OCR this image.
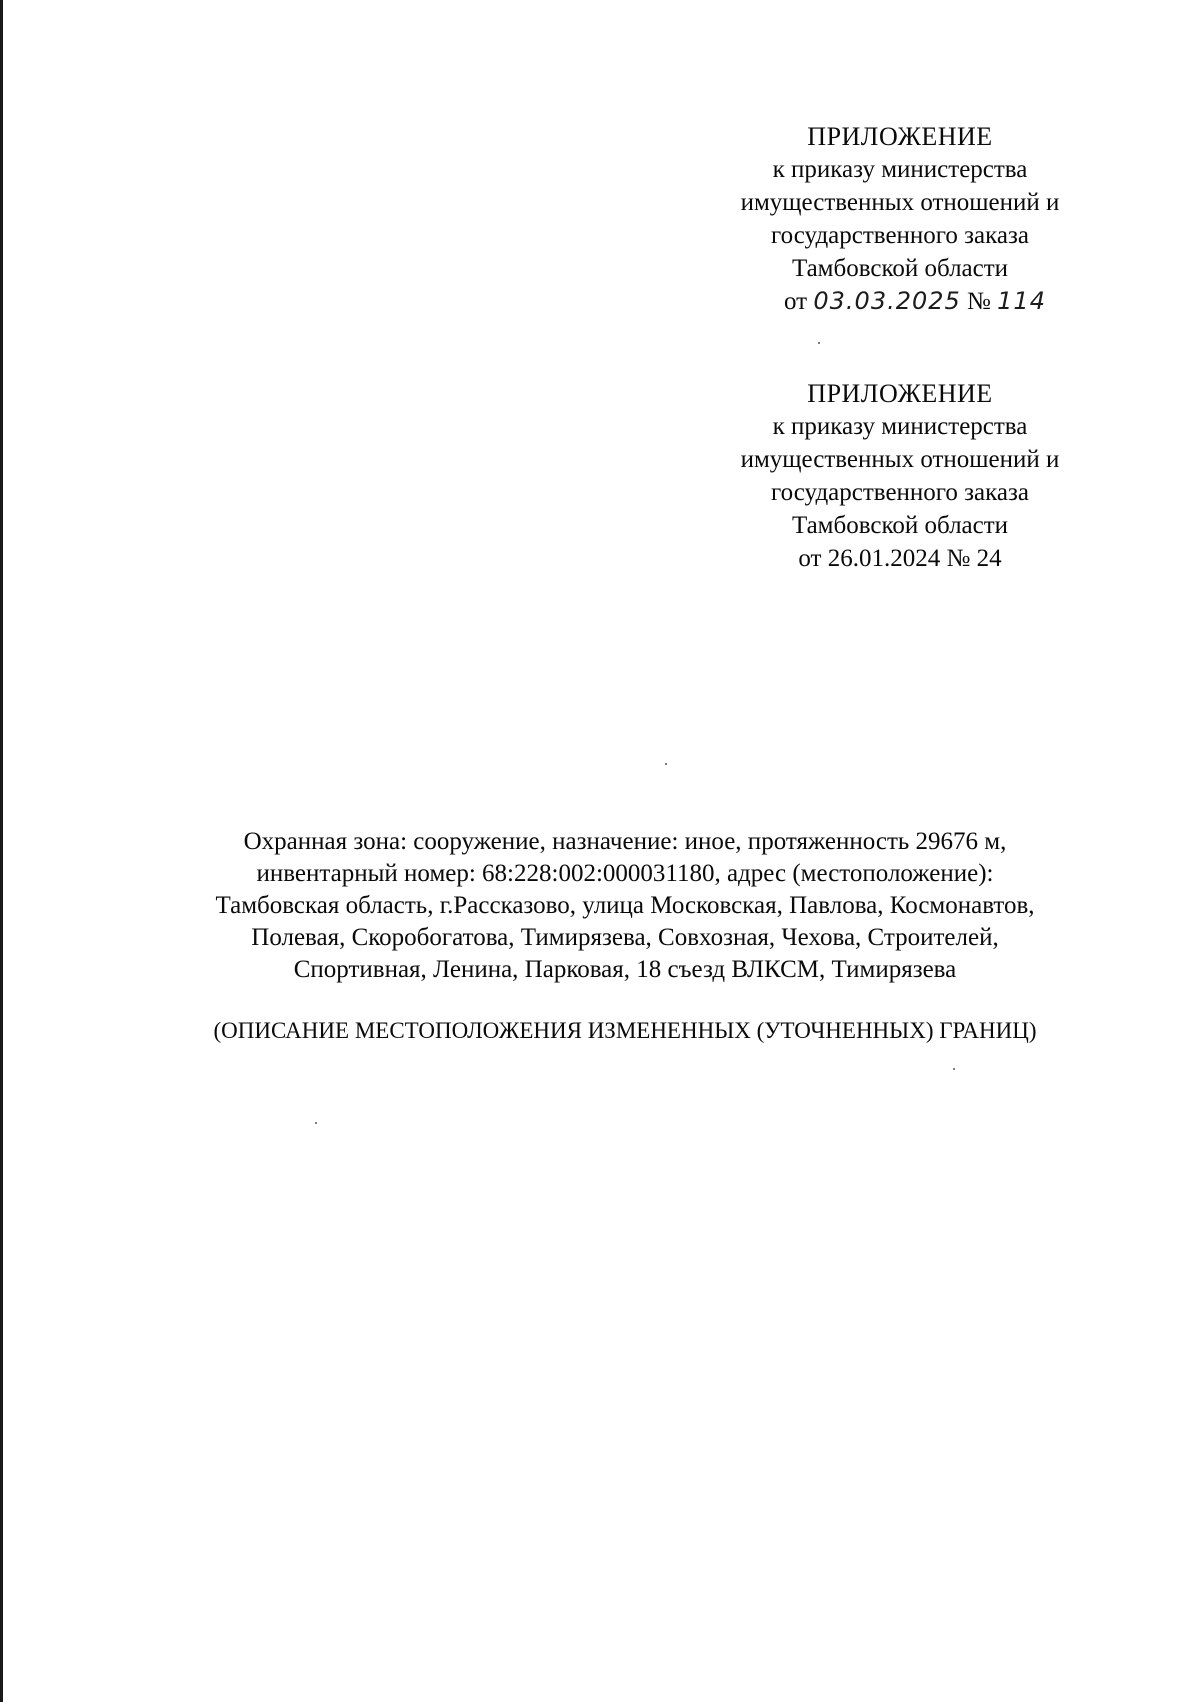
ПРИЛОЖЕНИЕ
к приказу министерства
имущественных отношений и
государственного заказа
Тамбовской области
от 03.03.2025 № 114
ПРИЛОЖЕНИЕ
к приказу министерства
имущественных отношений и
государственного заказа
Тамбовской области
от 26.01.2024 № 24
Охранная зона: сооружение, назначение: иное, протяженность 29676 м,
инвентарный номер: 68:228:002:000031180, адрес (местоположение):
Тамбовская область, г.Рассказово, улица Московская, Павлова, Космонавтов,
Полевая, Скоробогатова, Тимирязева, Совхозная, Чехова, Строителей,
Спортивная, Ленина, Парковая, 18 съезд ВЛКСМ, Тимирязева
(ОПИСАНИЕ МЕСТОПОЛОЖЕНИЯ ИЗМЕНЕННЫХ (УТОЧНЕННЫХ) ГРАНИЦ)
